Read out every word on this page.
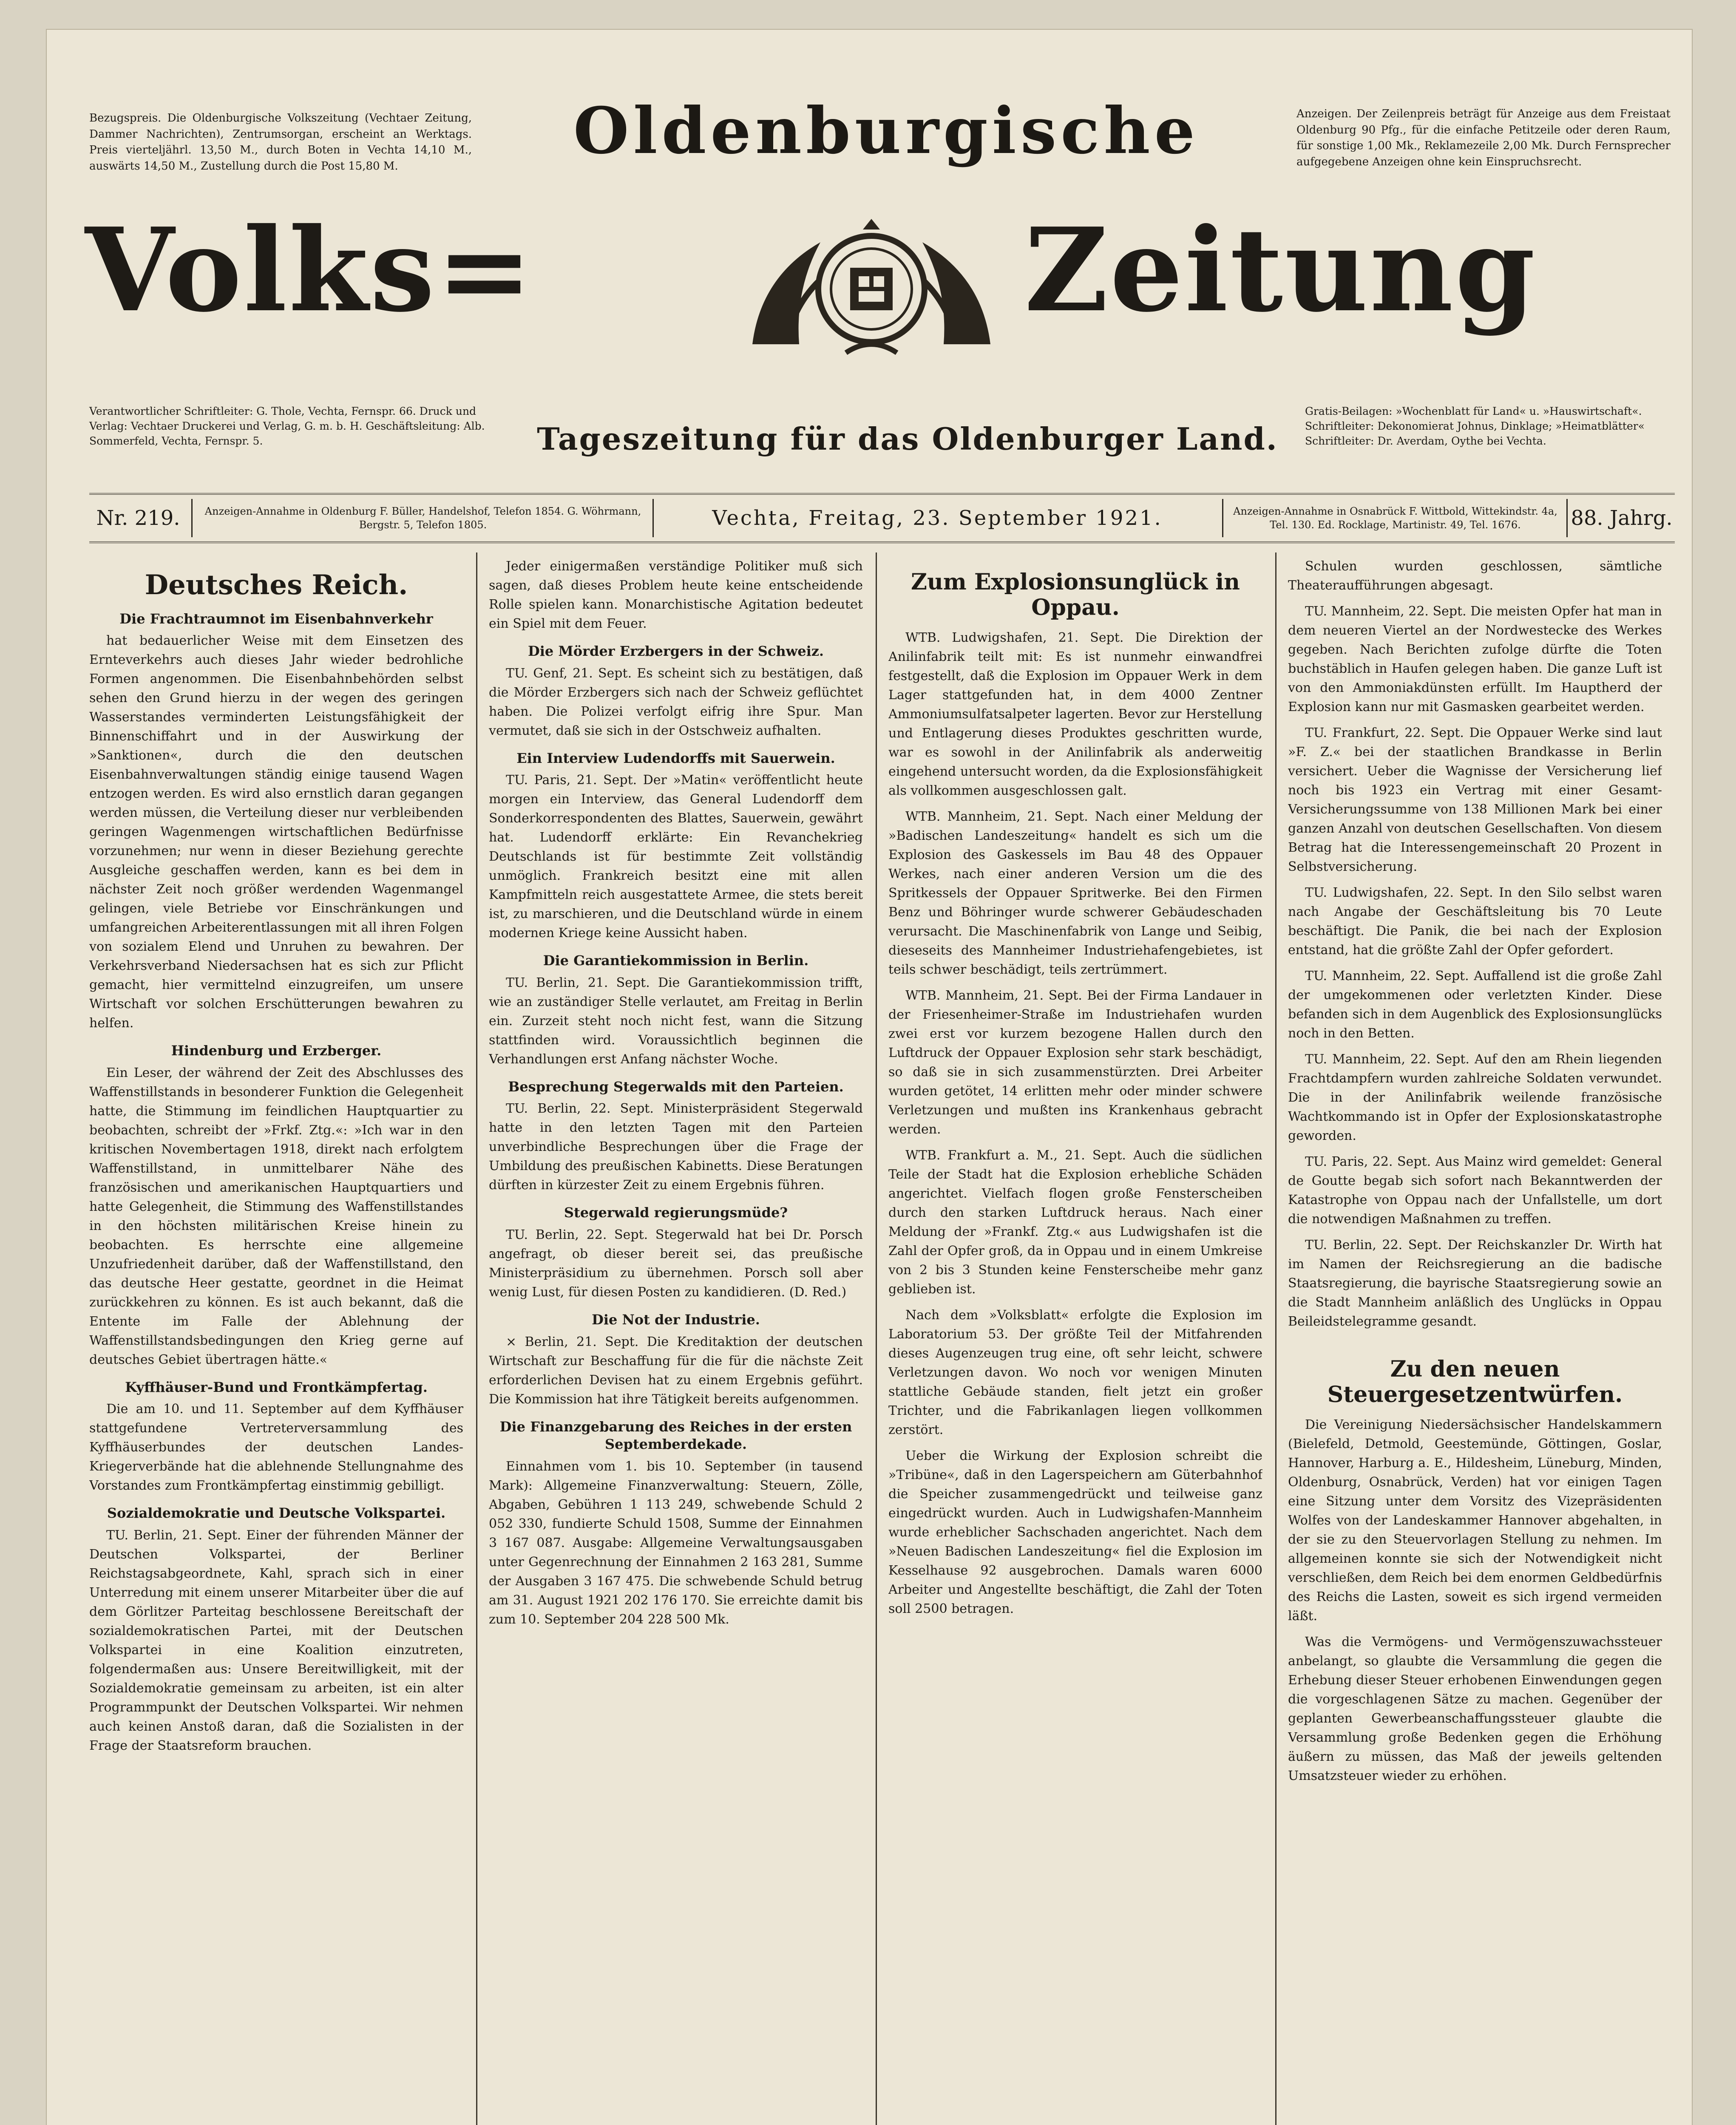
Bezugspreis. Die Oldenburgische Volkszeitung (Vechtaer Zeitung, Dammer Nachrichten), Zentrumsorgan, erscheint an Werktags. Preis vierteljährl. 13,50 M., durch Boten in Vechta 14,10 M., auswärts 14,50 M., Zustellung durch die Post 15,80 M.	Oldenburgische	Anzeigen. Der Zeilenpreis beträgt für Anzeige aus dem Freistaat Oldenburg 90 Pfg., für die einfache Petitzeile oder deren Raum, für sonstige 1,00 Mk., Reklamezeile 2,00 Mk. Durch Fernsprecher aufgegebene Anzeigen ohne kein Einspruchsrecht.
Volks=	Zeitung
Verantwortlicher Schriftleiter: G. Thole, Vechta, Fernspr. 66. Druck und Verlag: Vechtaer Druckerei und Verlag, G. m. b. H. Geschäftsleitung: Alb. Sommerfeld, Vechta, Fernspr. 5.	Tageszeitung für das Oldenburger Land.
Gratis-Beilagen: »Wochenblatt für Land« u. »Hauswirtschaft«. Schriftleiter: Dekonomierat Johnus, Dinklage; »Heimatblätter« Schriftleiter: Dr. Averdam, Oythe bei Vechta.
Nr. 219.	Anzeigen-Annahme in Oldenburg F. Büller, Handelshof, Telefon 1854. G. Wöhrmann, Bergstr. 5, Telefon 1805.	Vechta, Freitag, 23. September 1921.	Anzeigen-Annahme in Osnabrück F. Wittbold, Wittekindstr. 4a, Tel. 130. Ed. Rocklage, Martinistr. 49, Tel. 1676.	88. Jahrg.
Deutsches Reich.
Die Frachtraumnot im Eisenbahnverkehr

hat bedauerlicher Weise mit dem Einsetzen des Ernteverkehrs auch dieses Jahr wieder bedrohliche Formen angenommen. Die Eisenbahnbehörden selbst sehen den Grund hierzu in der wegen des geringen Wasserstandes verminderten Leistungsfähigkeit der Binnenschiffahrt und in der Auswirkung der »Sanktionen«, durch die den deutschen Eisenbahnverwaltungen ständig einige tausend Wagen entzogen werden. Es wird also ernstlich daran gegangen werden müssen, die Verteilung dieser nur verbleibenden geringen Wagenmengen wirtschaftlichen Bedürfnisse vorzunehmen; nur wenn in dieser Beziehung gerechte Ausgleiche geschaffen werden, kann es bei dem in nächster Zeit noch größer werdenden Wagenmangel gelingen, viele Betriebe vor Einschränkungen und umfangreichen Arbeiterentlassungen mit all ihren Folgen von sozialem Elend und Unruhen zu bewahren. Der Verkehrsverband Niedersachsen hat es sich zur Pflicht gemacht, hier vermittelnd einzugreifen, um unsere Wirtschaft vor solchen Erschütterungen bewahren zu helfen.

Hindenburg und Erzberger.

Ein Leser, der während der Zeit des Abschlusses des Waffenstillstands in besonderer Funktion die Gelegenheit hatte, die Stimmung im feindlichen Hauptquartier zu beobachten, schreibt der »Frkf. Ztg.«: »Ich war in den kritischen Novembertagen 1918, direkt nach erfolgtem Waffenstillstand, in unmittelbarer Nähe des französischen und amerikanischen Hauptquartiers und hatte Gelegenheit, die Stimmung des Waffenstillstandes in den höchsten militärischen Kreise hinein zu beobachten. Es herrschte eine allgemeine Unzufriedenheit darüber, daß der Waffenstillstand, den das deutsche Heer gestatte, geordnet in die Heimat zurückkehren zu können. Es ist auch bekannt, daß die Entente im Falle der Ablehnung der Waffenstillstandsbedingungen den Krieg gerne auf deutsches Gebiet übertragen hätte.«

Kyffhäuser-Bund und Frontkämpfertag.

Die am 10. und 11. September auf dem Kyffhäuser stattgefundene Vertreterversammlung des Kyffhäuserbundes der deutschen Landes-Kriegerverbände hat die ablehnende Stellungnahme des Vorstandes zum Frontkämpfertag einstimmig gebilligt.

Sozialdemokratie und Deutsche Volkspartei.

TU. Berlin, 21. Sept. Einer der führenden Männer der Deutschen Volkspartei, der Berliner Reichstagsabgeordnete, Kahl, sprach sich in einer Unterredung mit einem unserer Mitarbeiter über die auf dem Görlitzer Parteitag beschlossene Bereitschaft der sozialdemokratischen Partei, mit der Deutschen Volkspartei in eine Koalition einzutreten, folgendermaßen aus: Unsere Bereitwilligkeit, mit der Sozialdemokratie gemeinsam zu arbeiten, ist ein alter Programmpunkt der Deutschen Volkspartei. Wir nehmen auch keinen Anstoß daran, daß die Sozialisten in der Frage der Staatsreform brauchen.

Jeder einigermaßen verständige Politiker muß sich sagen, daß dieses Problem heute keine entscheidende Rolle spielen kann. Monarchistische Agitation bedeutet ein Spiel mit dem Feuer.

Die Mörder Erzbergers in der Schweiz.

TU. Genf, 21. Sept. Es scheint sich zu bestätigen, daß die Mörder Erzbergers sich nach der Schweiz geflüchtet haben. Die Polizei verfolgt eifrig ihre Spur. Man vermutet, daß sie sich in der Ostschweiz aufhalten.

Ein Interview Ludendorffs mit Sauerwein.

TU. Paris, 21. Sept. Der »Matin« veröffentlicht heute morgen ein Interview, das General Ludendorff dem Sonderkorrespondenten des Blattes, Sauerwein, gewährt hat. Ludendorff erklärte: Ein Revanchekrieg Deutschlands ist für bestimmte Zeit vollständig unmöglich. Frankreich besitzt eine mit allen Kampfmitteln reich ausgestattete Armee, die stets bereit ist, zu marschieren, und die Deutschland würde in einem modernen Kriege keine Aussicht haben.

Die Garantiekommission in Berlin.

TU. Berlin, 21. Sept. Die Garantiekommission trifft, wie an zuständiger Stelle verlautet, am Freitag in Berlin ein. Zurzeit steht noch nicht fest, wann die Sitzung stattfinden wird. Voraussichtlich beginnen die Verhandlungen erst Anfang nächster Woche.

Besprechung Stegerwalds mit den Parteien.

TU. Berlin, 22. Sept. Ministerpräsident Stegerwald hatte in den letzten Tagen mit den Parteien unverbindliche Besprechungen über die Frage der Umbildung des preußischen Kabinetts. Diese Beratungen dürften in kürzester Zeit zu einem Ergebnis führen.

Stegerwald regierungsmüde?

TU. Berlin, 22. Sept. Stegerwald hat bei Dr. Porsch angefragt, ob dieser bereit sei, das preußische Ministerpräsidium zu übernehmen. Porsch soll aber wenig Lust, für diesen Posten zu kandidieren. (D. Red.)

Die Not der Industrie.

× Berlin, 21. Sept. Die Kreditaktion der deutschen Wirtschaft zur Beschaffung für die für die nächste Zeit erforderlichen Devisen hat zu einem Ergebnis geführt. Die Kommission hat ihre Tätigkeit bereits aufgenommen.

Die Finanzgebarung des Reiches in der ersten Septemberdekade.

Einnahmen vom 1. bis 10. September (in tausend Mark): Allgemeine Finanzverwaltung: Steuern, Zölle, Abgaben, Gebühren 1 113 249, schwebende Schuld 2 052 330, fundierte Schuld 1508, Summe der Einnahmen 3 167 087. Ausgabe: Allgemeine Verwaltungsausgaben unter Gegenrechnung der Einnahmen 2 163 281, Summe der Ausgaben 3 167 475. Die schwebende Schuld betrug am 31. August 1921 202 176 170. Sie erreichte damit bis zum 10. September 204 228 500 Mk.

Zum Explosionsunglück in Oppau.

WTB. Ludwigshafen, 21. Sept. Die Direktion der Anilinfabrik teilt mit: Es ist nunmehr einwandfrei festgestellt, daß die Explosion im Oppauer Werk in dem Lager stattgefunden hat, in dem 4000 Zentner Ammoniumsulfatsalpeter lagerten. Bevor zur Herstellung und Entlagerung dieses Produktes geschritten wurde, war es sowohl in der Anilinfabrik als anderweitig eingehend untersucht worden, da die Explosionsfähigkeit als vollkommen ausgeschlossen galt.

WTB. Mannheim, 21. Sept. Nach einer Meldung der »Badischen Landeszeitung« handelt es sich um die Explosion des Gaskessels im Bau 48 des Oppauer Werkes, nach einer anderen Version um die des Spritkessels der Oppauer Spritwerke. Bei den Firmen Benz und Böhringer wurde schwerer Gebäudeschaden verursacht. Die Maschinenfabrik von Lange und Seibig, dieseseits des Mannheimer Industriehafengebietes, ist teils schwer beschädigt, teils zertrümmert.

WTB. Mannheim, 21. Sept. Bei der Firma Landauer in der Friesenheimer-Straße im Industriehafen wurden zwei erst vor kurzem bezogene Hallen durch den Luftdruck der Oppauer Explosion sehr stark beschädigt, so daß sie in sich zusammenstürzten. Drei Arbeiter wurden getötet, 14 erlitten mehr oder minder schwere Verletzungen und mußten ins Krankenhaus gebracht werden.

WTB. Frankfurt a. M., 21. Sept. Auch die südlichen Teile der Stadt hat die Explosion erhebliche Schäden angerichtet. Vielfach flogen große Fensterscheiben durch den starken Luftdruck heraus. Nach einer Meldung der »Frankf. Ztg.« aus Ludwigshafen ist die Zahl der Opfer groß, da in Oppau und in einem Umkreise von 2 bis 3 Stunden keine Fensterscheibe mehr ganz geblieben ist.

Nach dem »Volksblatt« erfolgte die Explosion im Laboratorium 53. Der größte Teil der Mitfahrenden dieses Augenzeugen trug eine, oft sehr leicht, schwere Verletzungen davon. Wo noch vor wenigen Minuten stattliche Gebäude standen, fielt jetzt ein großer Trichter, und die Fabrikanlagen liegen vollkommen zerstört.

Ueber die Wirkung der Explosion schreibt die »Tribüne«, daß in den Lagerspeichern am Güterbahnhof die Speicher zusammengedrückt und teilweise ganz eingedrückt wurden. Auch in Ludwigshafen-Mannheim wurde erheblicher Sachschaden angerichtet. Nach dem »Neuen Badischen Landeszeitung« fiel die Explosion im Kesselhause 92 ausgebrochen. Damals waren 6000 Arbeiter und Angestellte beschäftigt, die Zahl der Toten soll 2500 betragen.

Schulen wurden geschlossen, sämtliche Theateraufführungen abgesagt.

TU. Mannheim, 22. Sept. Die meisten Opfer hat man in dem neueren Viertel an der Nordwestecke des Werkes gegeben. Nach Berichten zufolge dürfte die Toten buchstäblich in Haufen gelegen haben. Die ganze Luft ist von den Ammoniakdünsten erfüllt. Im Hauptherd der Explosion kann nur mit Gasmasken gearbeitet werden.

TU. Frankfurt, 22. Sept. Die Oppauer Werke sind laut »F. Z.« bei der staatlichen Brandkasse in Berlin versichert. Ueber die Wagnisse der Versicherung lief noch bis 1923 ein Vertrag mit einer Gesamt-Versicherungssumme von 138 Millionen Mark bei einer ganzen Anzahl von deutschen Gesellschaften. Von diesem Betrag hat die Interessengemeinschaft 20 Prozent in Selbstversicherung.

TU. Ludwigshafen, 22. Sept. In den Silo selbst waren nach Angabe der Geschäftsleitung bis 70 Leute beschäftigt. Die Panik, die bei nach der Explosion entstand, hat die größte Zahl der Opfer gefordert.

TU. Mannheim, 22. Sept. Auffallend ist die große Zahl der umgekommenen oder verletzten Kinder. Diese befanden sich in dem Augenblick des Explosionsunglücks noch in den Betten.

TU. Mannheim, 22. Sept. Auf den am Rhein liegenden Frachtdampfern wurden zahlreiche Soldaten verwundet. Die in der Anilinfabrik weilende französische Wachtkommando ist in Opfer der Explosionskatastrophe geworden.

TU. Paris, 22. Sept. Aus Mainz wird gemeldet: General de Goutte begab sich sofort nach Bekanntwerden der Katastrophe von Oppau nach der Unfallstelle, um dort die notwendigen Maßnahmen zu treffen.

TU. Berlin, 22. Sept. Der Reichskanzler Dr. Wirth hat im Namen der Reichsregierung an die badische Staatsregierung, die bayrische Staatsregierung sowie an die Stadt Mannheim anläßlich des Unglücks in Oppau Beileidstelegramme gesandt.

Zu den neuen Steuergesetzentwürfen.

Die Vereinigung Niedersächsischer Handelskammern (Bielefeld, Detmold, Geestemünde, Göttingen, Goslar, Hannover, Harburg a. E., Hildesheim, Lüneburg, Minden, Oldenburg, Osnabrück, Verden) hat vor einigen Tagen eine Sitzung unter dem Vorsitz des Vizepräsidenten Wolfes von der Landeskammer Hannover abgehalten, in der sie zu den Steuervorlagen Stellung zu nehmen. Im allgemeinen konnte sie sich der Notwendigkeit nicht verschließen, dem Reich bei dem enormen Geldbedürfnis des Reichs die Lasten, soweit es sich irgend vermeiden läßt.

Was die Vermögens- und Vermögenszuwachssteuer anbelangt, so glaubte die Versammlung die gegen die Erhebung dieser Steuer erhobenen Einwendungen gegen die vorgeschlagenen Sätze zu machen. Gegenüber der geplanten Gewerbeanschaffungssteuer glaubte die Versammlung große Bedenken gegen die Erhöhung äußern zu müssen, das Maß der jeweils geltenden Umsatzsteuer wieder zu erhöhen.
